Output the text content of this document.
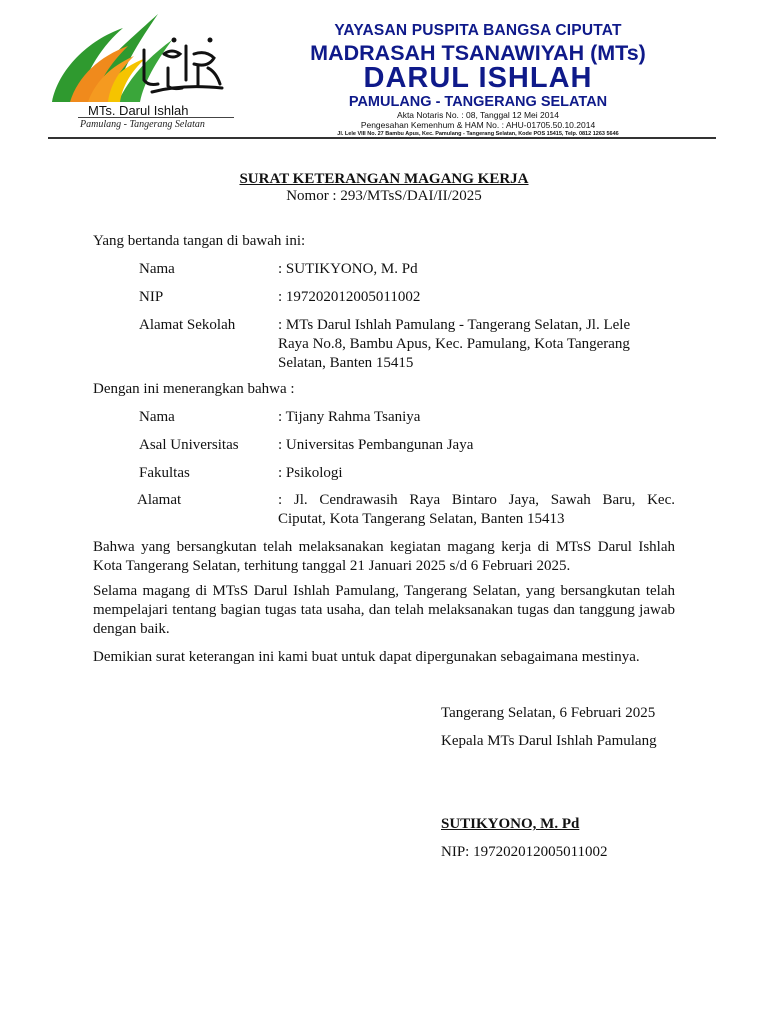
MTs. Darul Ishlah
Pamulang - Tangerang Selatan
YAYASAN PUSPITA BANGSA CIPUTAT
MADRASAH TSANAWIYAH (MTs)
DARUL ISHLAH
PAMULANG - TANGERANG SELATAN
Akta Notaris No. : 08, Tanggal 12 Mei 2014
Pengesahan Kemenhum & HAM No. : AHU-01705.50.10.2014
Jl. Lele VIII No. 27 Bambu Apus, Kec. Pamulang - Tangerang Selatan, Kode POS 15415, Telp. 0812 1263 5646
SURAT KETERANGAN MAGANG KERJA
Nomor : 293/MTsS/DAI/II/2025
Yang bertanda tangan di bawah ini:
Nama	: SUTIKYONO, M. Pd
NIP	: 197202012005011002
Alamat Sekolah	: MTs Darul Ishlah Pamulang - Tangerang Selatan, Jl. Lele
Raya No.8, Bambu Apus, Kec. Pamulang, Kota Tangerang
Selatan, Banten 15415
Dengan ini menerangkan bahwa :
Nama	: Tijany Rahma Tsaniya
Asal Universitas	: Universitas Pembangunan Jaya
Fakultas	: Psikologi
Alamat	: Jl. Cendrawasih Raya Bintaro Jaya, Sawah Baru, Kec.
Ciputat, Kota Tangerang Selatan, Banten 15413
Bahwa yang bersangkutan telah melaksanakan kegiatan magang kerja di MTsS Darul Ishlah Kota Tangerang Selatan, terhitung tanggal 21 Januari 2025 s/d 6 Februari 2025.
Selama magang di MTsS Darul Ishlah Pamulang, Tangerang Selatan, yang bersangkutan telah mempelajari tentang bagian tugas tata usaha, dan telah melaksanakan tugas dan tanggung jawab dengan baik.
Demikian surat keterangan ini kami buat untuk dapat dipergunakan sebagaimana mestinya.
Tangerang Selatan, 6 Februari 2025
Kepala MTs Darul Ishlah Pamulang
SUTIKYONO, M. Pd
NIP: 197202012005011002
